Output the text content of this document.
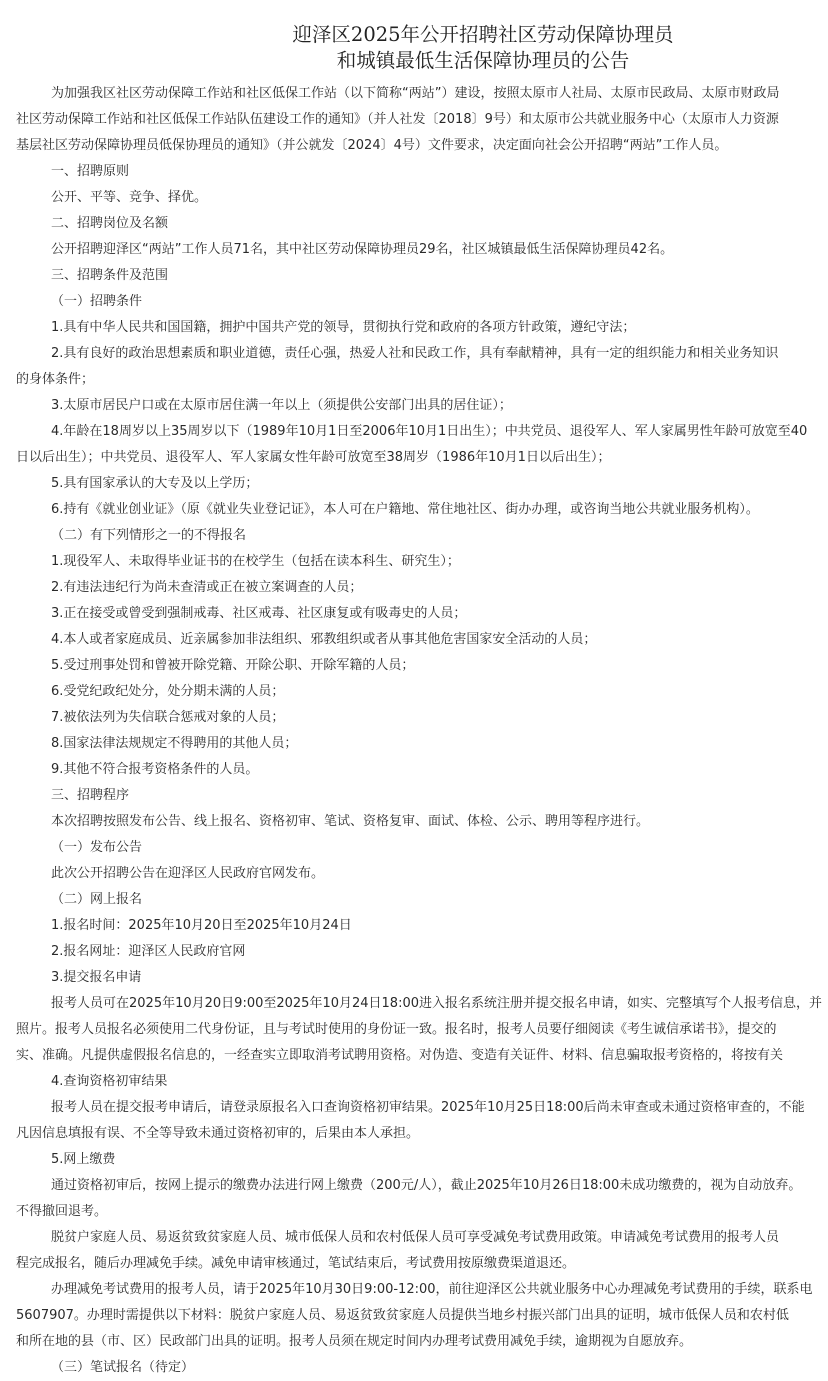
迎泽区2025年公开招聘社区劳动保障协理员
和城镇最低生活保障协理员的公告
为加强我区社区劳动保障工作站和社区低保工作站（以下简称“两站”）建设，按照太原市人社局、太原市民政局、太原市财政局
社区劳动保障工作站和社区低保工作站队伍建设工作的通知》（并人社发〔2018〕9号）和太原市公共就业服务中心（太原市人力资源
基层社区劳动保障协理员低保协理员的通知》（并公就发〔2024〕4号）文件要求，决定面向社会公开招聘“两站”工作人员。
一、招聘原则
公开、平等、竞争、择优。
二、招聘岗位及名额
公开招聘迎泽区“两站”工作人员71名，其中社区劳动保障协理员29名，社区城镇最低生活保障协理员42名。
三、招聘条件及范围
（一）招聘条件
1.具有中华人民共和国国籍，拥护中国共产党的领导，贯彻执行党和政府的各项方针政策，遵纪守法；
2.具有良好的政治思想素质和职业道德，责任心强，热爱人社和民政工作，具有奉献精神，具有一定的组织能力和相关业务知识
的身体条件；
3.太原市居民户口或在太原市居住满一年以上（须提供公安部门出具的居住证）；
4.年龄在18周岁以上35周岁以下（1989年10月1日至2006年10月1日出生）；中共党员、退役军人、军人家属男性年龄可放宽至40
日以后出生）；中共党员、退役军人、军人家属女性年龄可放宽至38周岁（1986年10月1日以后出生）；
5.具有国家承认的大专及以上学历；
6.持有《就业创业证》（原《就业失业登记证》，本人可在户籍地、常住地社区、街办办理，或咨询当地公共就业服务机构）。
（二）有下列情形之一的不得报名
1.现役军人、未取得毕业证书的在校学生（包括在读本科生、研究生）；
2.有违法违纪行为尚未查清或正在被立案调查的人员；
3.正在接受或曾受到强制戒毒、社区戒毒、社区康复或有吸毒史的人员；
4.本人或者家庭成员、近亲属参加非法组织、邪教组织或者从事其他危害国家安全活动的人员；
5.受过刑事处罚和曾被开除党籍、开除公职、开除军籍的人员；
6.受党纪政纪处分，处分期未满的人员；
7.被依法列为失信联合惩戒对象的人员；
8.国家法律法规规定不得聘用的其他人员；
9.其他不符合报考资格条件的人员。
三、招聘程序
本次招聘按照发布公告、线上报名、资格初审、笔试、资格复审、面试、体检、公示、聘用等程序进行。
（一）发布公告
此次公开招聘公告在迎泽区人民政府官网发布。
（二）网上报名
1.报名时间：2025年10月20日至2025年10月24日
2.报名网址：迎泽区人民政府官网
3.提交报名申请
报考人员可在2025年10月20日9:00至2025年10月24日18:00进入报名系统注册并提交报名申请，如实、完整填写个人报考信息，并
照片。报考人员报名必须使用二代身份证，且与考试时使用的身份证一致。报名时，报考人员要仔细阅读《考生诚信承诺书》，提交的
实、准确。凡提供虚假报名信息的，一经查实立即取消考试聘用资格。对伪造、变造有关证件、材料、信息骗取报考资格的，将按有关
4.查询资格初审结果
报考人员在提交报考申请后，请登录原报名入口查询资格初审结果。2025年10月25日18:00后尚未审查或未通过资格审查的，不能
凡因信息填报有误、不全等导致未通过资格初审的，后果由本人承担。
5.网上缴费
通过资格初审后，按网上提示的缴费办法进行网上缴费（200元/人），截止2025年10月26日18:00未成功缴费的，视为自动放弃。
不得撤回退考。
脱贫户家庭人员、易返贫致贫家庭人员、城市低保人员和农村低保人员可享受减免考试费用政策。申请减免考试费用的报考人员
程完成报名，随后办理减免手续。减免申请审核通过，笔试结束后，考试费用按原缴费渠道退还。
办理减免考试费用的报考人员，请于2025年10月30日9:00-12:00，前往迎泽区公共就业服务中心办理减免考试费用的手续，联系电
5607907。办理时需提供以下材料：脱贫户家庭人员、易返贫致贫家庭人员提供当地乡村振兴部门出具的证明，城市低保人员和农村低
和所在地的县（市、区）民政部门出具的证明。报考人员须在规定时间内办理考试费用减免手续，逾期视为自愿放弃。
（三）笔试报名（待定）
